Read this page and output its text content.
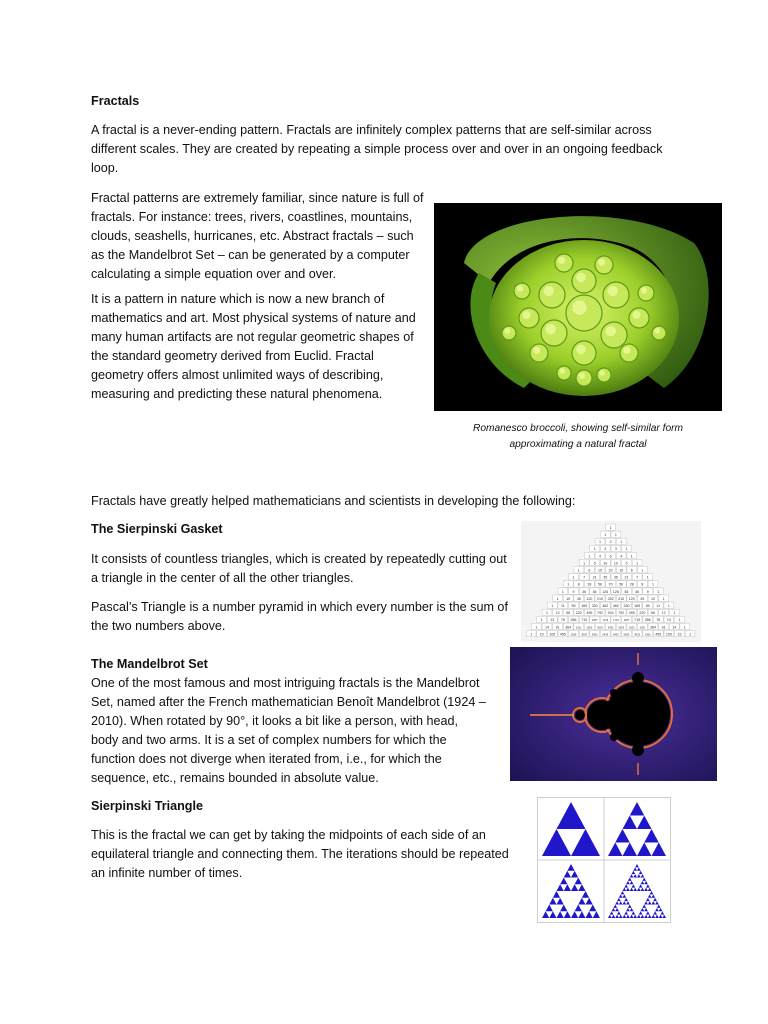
Fractals

A fractal is a never-ending pattern. Fractals are infinitely complex patterns that are self-similar across different scales. They are created by repeating a simple process over and over in an ongoing feedback loop.

Fractal patterns are extremely familiar, since nature is full of fractals. For instance: trees, rivers, coastlines, mountains, clouds, seashells, hurricanes, etc. Abstract fractals – such as the Mandelbrot Set – can be generated by a computer calculating a simple equation over and over.

It is a pattern in nature which is now a new branch of mathematics and art. Most physical systems of nature and many human artifacts are not regular geometric shapes of the standard geometry derived from Euclid. Fractal geometry offers almost unlimited ways of describing, measuring and predicting these natural phenomena.

Romanesco broccoli, showing self-similar form
approximating a natural fractal

Fractals have greatly helped mathematicians and scientists in developing the following:

The Sierpinski Gasket

It consists of countless triangles, which is created by repeatedly cutting out a triangle in the center of all the other triangles.

Pascal’s Triangle is a number pyramid in which every number is the sum of the two numbers above.

1
1 1
1 2 1
1 3 3 1
1 4 6 4 1
1 5 10 10 5 1
1 6 15 20 15 6 1
1 7 21 35 35 21 7 1
1 8 28 56 70 56 28 8 1
1 9 36 84 126 126 84 36 9 1
1 10 45 120 210 252 210 120 45 10 1
1 11 55 165 330 462 462 330 165 55 11 1
1 12 66 220 495 792 924 792 495 220 66 12 1
1 13 78 286 715 1287 1716 1716 1287 715 286 78 13 1
1 14 91 364 1001 2002 3003 3432 3003 2002 1001 364 91 14 1
1 15 105 455 1365 3003 5005 6435 6435 5005 3003 1365 455 105 15 1

The Mandelbrot Set

One of the most famous and most intriguing fractals is the Mandelbrot Set, named after the French mathematician Benoît Mandelbrot (1924 – 2010). When rotated by 90°, it looks a bit like a person, with head, body and two arms. It is a set of complex numbers for which the function does not diverge when iterated from, i.e., for which the sequence, etc., remains bounded in absolute value.

Sierpinski Triangle

This is the fractal we can get by taking the midpoints of each side of an equilateral triangle and connecting them. The iterations should be repeated an infinite number of times.
